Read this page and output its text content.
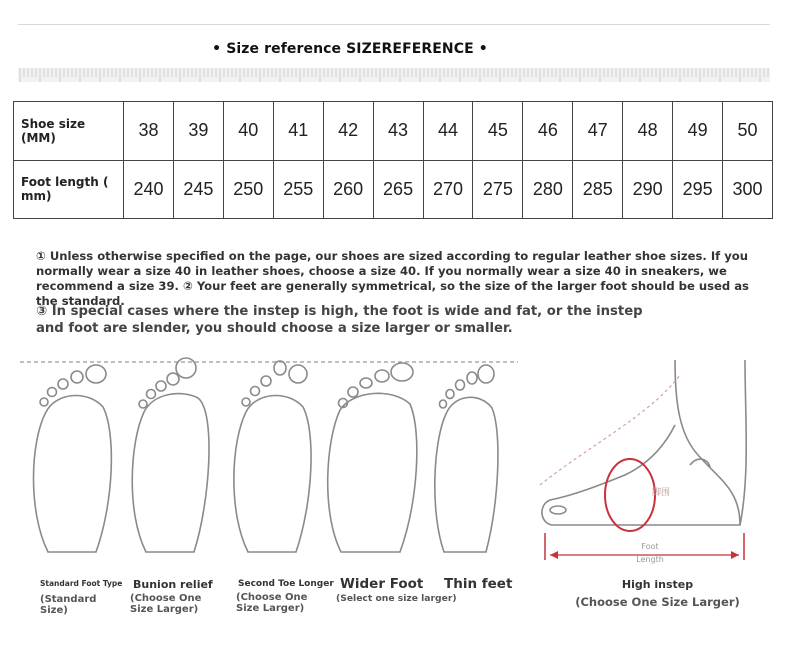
• Size reference SIZEREFERENCE •
Shoe size (MM)	38	39	40	41	42	43	44	45	46	47	48	49	50
Foot length ( mm)	240	245	250	255	260	265	270	275	280	285	290	295	300
① Unless otherwise specified on the page, our shoes are sized according to regular leather shoe sizes. If you normally wear a size 40 in leather shoes, choose a size 40. If you normally wear a size 40 in sneakers, we recommend a size 39. ② Your feet are generally symmetrical, so the size of the larger foot should be used as the standard.
③ In special cases where the instep is high, the foot is wide and fat, or the instep and foot are slender, you should choose a size larger or smaller.
Standard Foot Type
(Standard Size)
Bunion relief
(Choose One Size Larger)
Second Toe Longer
(Choose One Size Larger)
Wider Foot
(Select one size larger)
Thin feet
脚围
Foot
Length
High instep
(Choose One Size Larger)
